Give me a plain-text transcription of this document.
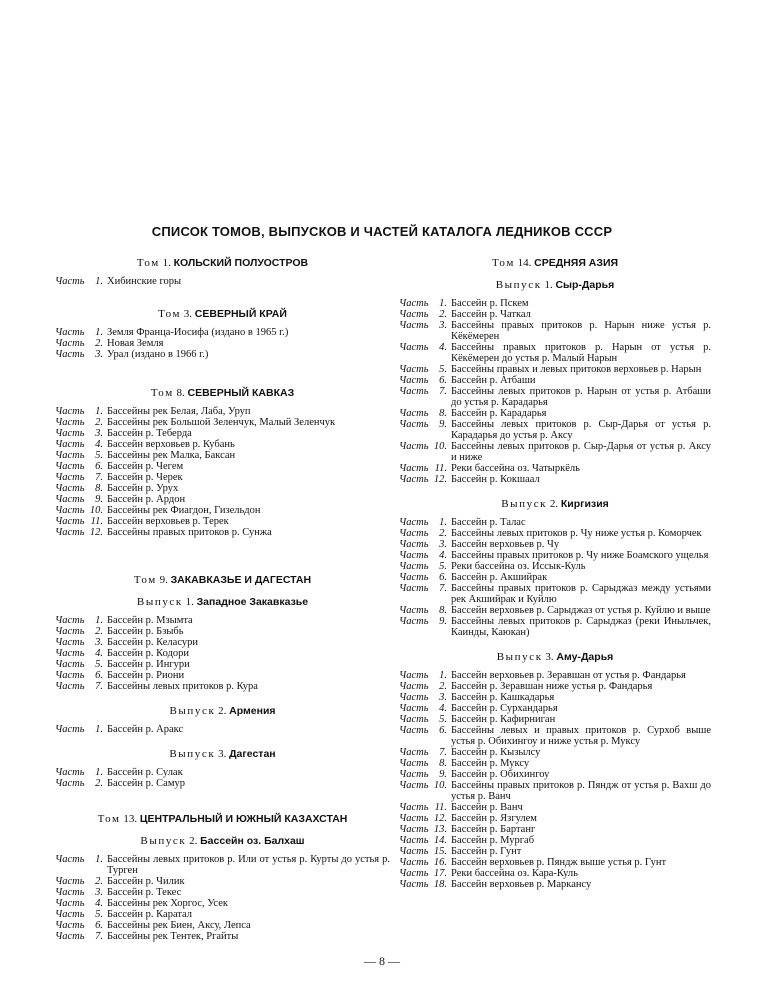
СПИСОК ТОМОВ, ВЫПУСКОВ И ЧАСТЕЙ КАТАЛОГА ЛЕДНИКОВ СССР
Том 1. КОЛЬСКИЙ ПОЛУОСТРОВ
Часть	1. Хибинские горы
Том 3. СЕВЕРНЫЙ КРАЙ
Часть	1. Земля Франца-Иосифа (издано в 1965 г.)
Часть	2. Новая Земля
Часть	3. Урал (издано в 1966 г.)
Том 8. СЕВЕРНЫЙ КАВКАЗ
Часть	1. Бассейны рек Белая, Лаба, Уруп
Часть	2. Бассейны рек Большой Зеленчук, Малый Зеленчук
Часть	3. Бассейн р. Теберда
Часть	4. Бассейн верховьев р. Кубань
Часть	5. Бассейны рек Малка, Баксан
Часть	6. Бассейн р. Чегем
Часть	7. Бассейн р. Черек
Часть	8. Бассейн р. Урух
Часть	9. Бассейн р. Ардон
Часть 10. Бассейны рек Фиагдон, Гизельдон
Часть 11. Бассейн верховьев р. Терек
Часть 12. Бассейны правых притоков р. Сунжа
Том 9. ЗАКАВКАЗЬЕ И ДАГЕСТАН
Выпуск 1. Западное Закавказье
Часть	1. Бассейн р. Мзымта
Часть	2. Бассейн р. Бзыбь
Часть	3. Бассейн р. Келасури
Часть	4. Бассейн р. Кодори
Часть	5. Бассейн р. Ингури
Часть	6. Бассейн р. Риони
Часть	7. Бассейны левых притоков р. Кура
Выпуск 2. Армения
Часть	1. Бассейн р. Аракс
Выпуск 3. Дагестан
Часть	1. Бассейн р. Сулак
Часть	2. Бассейн р. Самур
Том 13. ЦЕНТРАЛЬНЫЙ И ЮЖНЫЙ КАЗАХСТАН
Выпуск 2. Бассейн оз. Балхаш
Часть	1. Бассейны левых притоков р. Или от устья р. Курты до устья р. Турген
Часть	2. Бассейн р. Чилик
Часть	3. Бассейн р. Текес
Часть	4. Бассейны рек Хоргос, Усек
Часть	5. Бассейн р. Каратал
Часть	6. Бассейны рек Биен, Аксу, Лепса
Часть	7. Бассейны рек Тентек, Ргайты
Том 14. СРЕДНЯЯ АЗИЯ
Выпуск 1. Сыр-Дарья
Часть	1. Бассейн р. Пскем
Часть	2. Бассейн р. Чаткал
Часть	3. Бассейны правых притоков р. Нарын ниже устья р. Кёкёмерен
Часть	4. Бассейны правых притоков р. Нарын от устья р. Кёкёмерен до устья р. Малый Нарын
Часть	5. Бассейны правых и левых притоков верховьев р. Нарын
Часть	6. Бассейн р. Атбаши
Часть	7. Бассейны левых притоков р. Нарын от устья р. Атбаши до устья р. Карадарья
Часть	8. Бассейн р. Карадарья
Часть	9. Бассейны левых притоков р. Сыр-Дарья от устья р. Карадарья до устья р. Аксу
Часть 10. Бассейны левых притоков р. Сыр-Дарья от устья р. Аксу и ниже
Часть 11. Реки бассейна оз. Чатыркёль
Часть 12. Бассейн р. Кокшаал
Выпуск 2. Киргизия
Часть	1. Бассейн р. Талас
Часть	2. Бассейны левых притоков р. Чу ниже устья р. Коморчек
Часть	3. Бассейн верховьев р. Чу
Часть	4. Бассейны правых притоков р. Чу ниже Боамского ущелья
Часть	5. Реки бассейна оз. Иссык-Куль
Часть	6. Бассейн р. Акшийрак
Часть	7. Бассейны правых притоков р. Сарыджаз между устьями рек Акшийрак и Куйлю
Часть	8. Бассейн верховьев р. Сарыджаз от устья р. Куйлю и выше
Часть	9. Бассейны левых притоков р. Сарыджаз (реки Иныльчек, Каинды, Каюкан)
Выпуск 3. Аму-Дарья
Часть	1. Бассейн верховьев р. Зеравшан от устья р. Фандарья
Часть	2. Бассейн р. Зеравшан ниже устья р. Фандарья
Часть	3. Бассейн р. Кашкадарья
Часть	4. Бассейн р. Сурхандарья
Часть	5. Бассейн р. Кафирниган
Часть	6. Бассейны левых и правых притоков р. Сурхоб выше устья р. Обихингоу и ниже устья р. Муксу
Часть	7. Бассейн р. Кызылсу
Часть	8. Бассейн р. Муксу
Часть	9. Бассейн р. Обихингоу
Часть 10. Бассейны правых притоков р. Пяндж от устья р. Вахш до устья р. Ванч
Часть 11. Бассейн р. Ванч
Часть 12. Бассейн р. Язгулем
Часть 13. Бассейн р. Бартанг
Часть 14. Бассейн р. Мургаб
Часть 15. Бассейн р. Гунт
Часть 16. Бассейн верховьев р. Пяндж выше устья р. Гунт
Часть 17. Реки бассейна оз. Кара-Куль
Часть 18. Бассейн верховьев р. Маркансу
— 8 —
